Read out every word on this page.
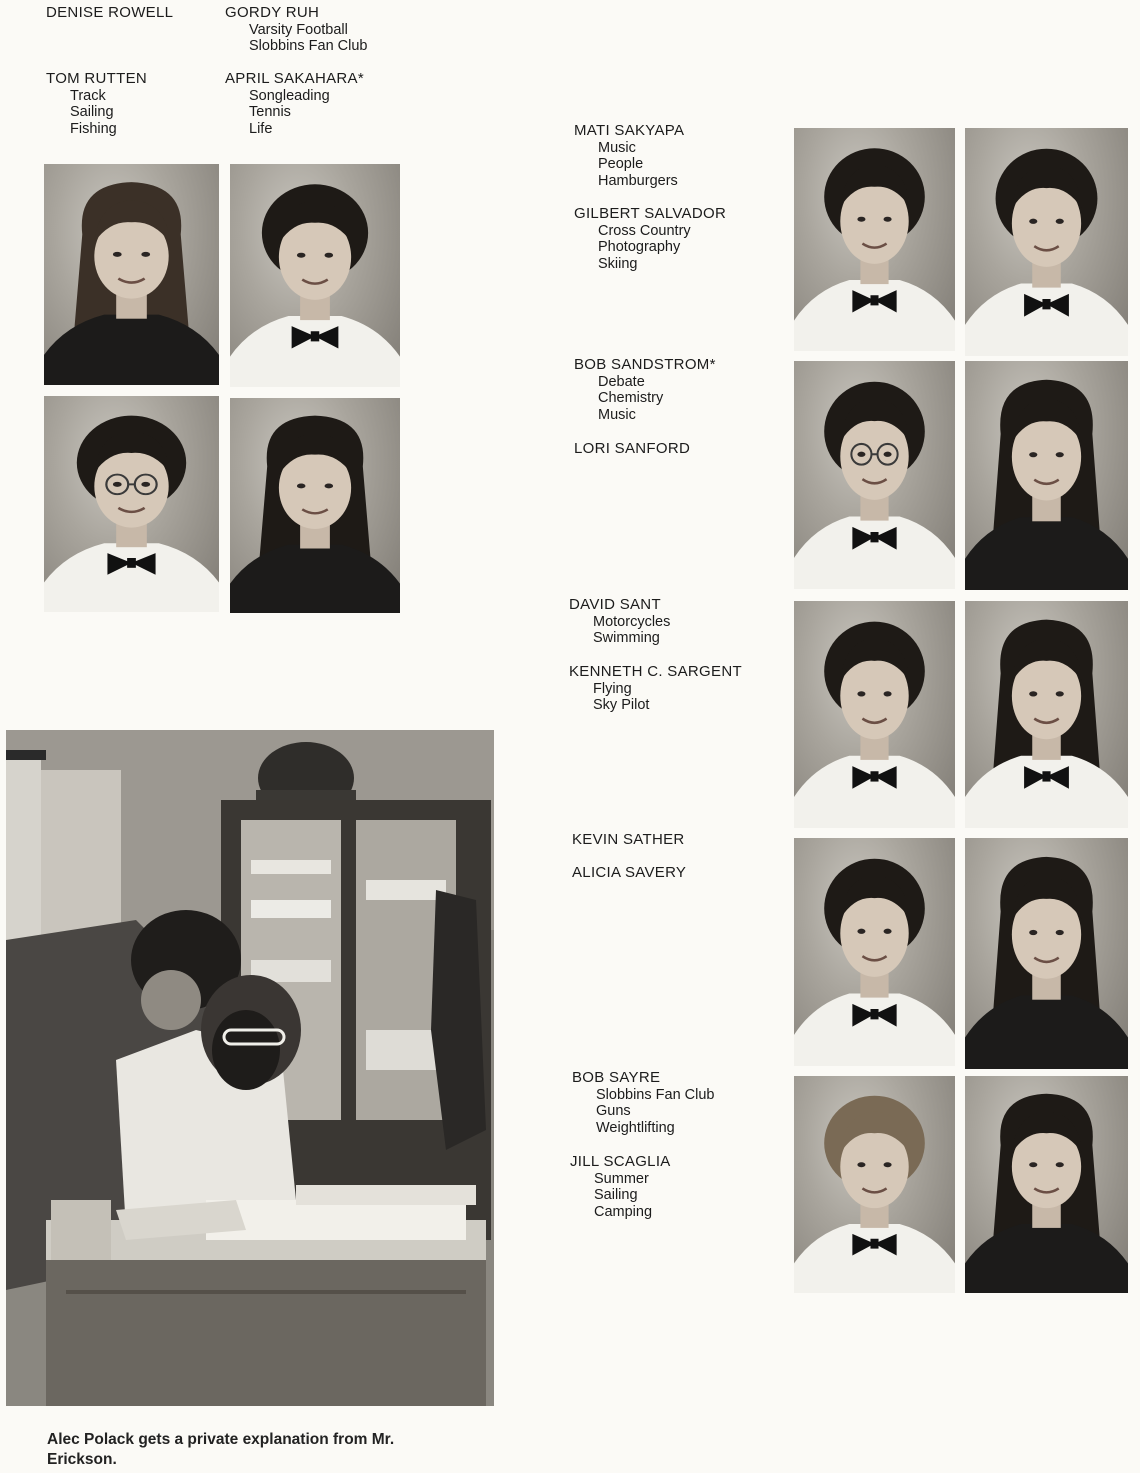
DENISE ROWELL	GORDY RUH
Varsity Football
Slobbins Fan Club
TOM RUTTEN
Track
Sailing
Fishing
APRIL SAKAHARA*
Songleading
Tennis
Life	MATI SAKYAPA
Music
People
Hamburgers
GILBERT SALVADOR
Cross Country
Photography
Skiing
BOB SANDSTROM*
Debate
Chemistry
Music
LORI SANFORD
DAVID SANT
Motorcycles
Swimming
KENNETH C. SARGENT
Flying
Sky Pilot
KEVIN SATHER
ALICIA SAVERY
BOB SAYRE
Slobbins Fan Club
Guns
Weightlifting
JILL SCAGLIA
Summer
Sailing
Camping
Alec Polack gets a private explanation from Mr. Erickson.
